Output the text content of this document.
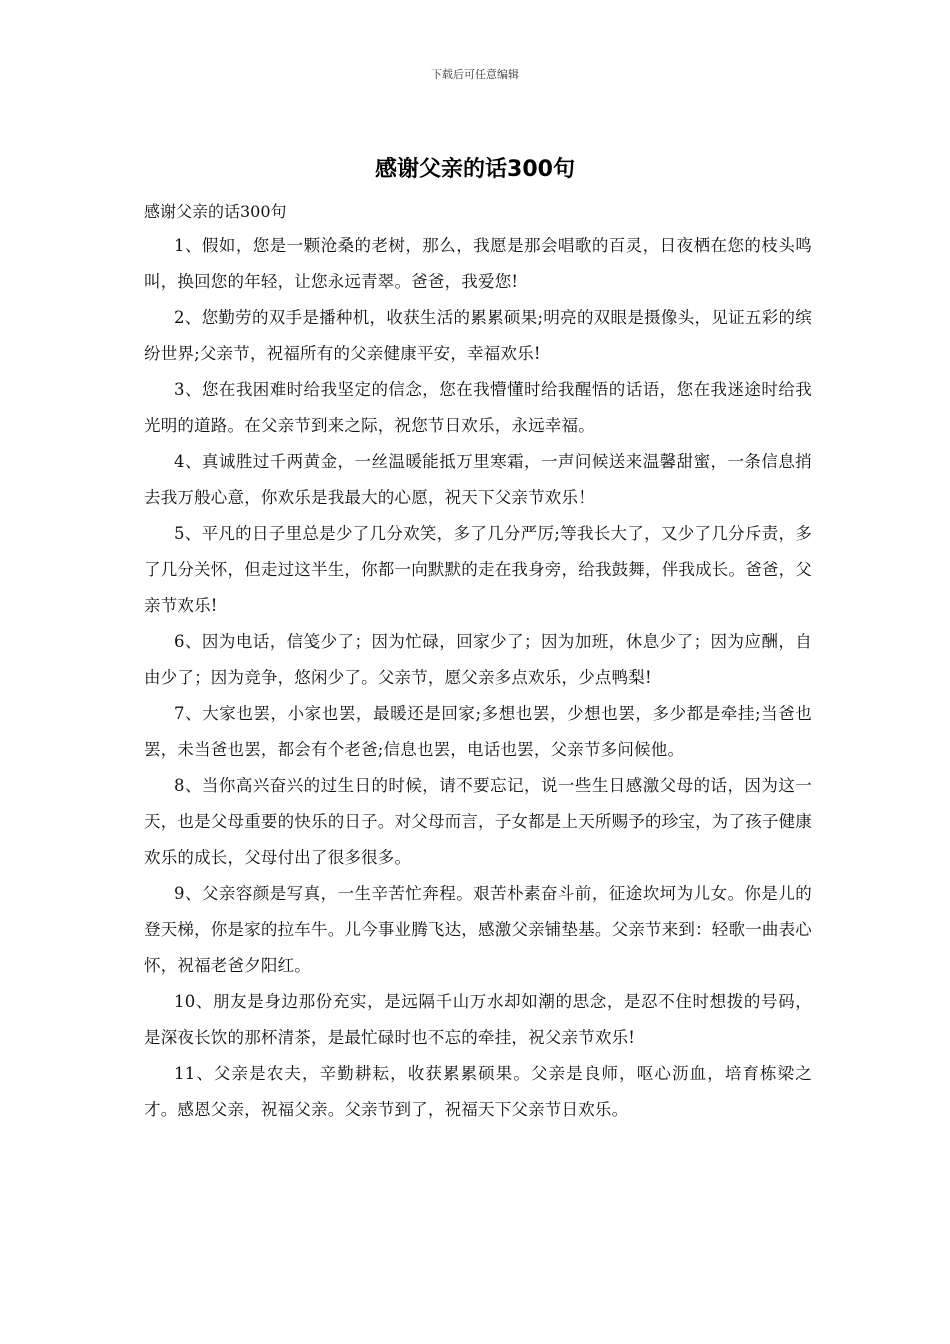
下载后可任意编辑
感谢父亲的话300句

感谢父亲的话300句

1、假如，您是一颗沧桑的老树，那么，我愿是那会唱歌的百灵，日夜栖在您的枝头鸣叫，换回您的年轻，让您永远青翠。爸爸，我爱您!

2、您勤劳的双手是播种机，收获生活的累累硕果;明亮的双眼是摄像头，见证五彩的缤纷世界;父亲节，祝福所有的父亲健康平安，幸福欢乐!

3、您在我困难时给我坚定的信念，您在我懵懂时给我醒悟的话语，您在我迷途时给我光明的道路。在父亲节到来之际，祝您节日欢乐，永远幸福。

4、真诚胜过千两黄金，一丝温暖能抵万里寒霜，一声问候送来温馨甜蜜，一条信息捎去我万般心意，你欢乐是我最大的心愿，祝天下父亲节欢乐！

5、平凡的日子里总是少了几分欢笑，多了几分严厉;等我长大了，又少了几分斥责，多了几分关怀，但走过这半生，你都一向默默的走在我身旁，给我鼓舞，伴我成长。爸爸，父亲节欢乐!

6、因为电话，信笺少了；因为忙碌，回家少了；因为加班，休息少了；因为应酬，自由少了；因为竞争，悠闲少了。父亲节，愿父亲多点欢乐，少点鸭梨!

7、大家也罢，小家也罢，最暖还是回家;多想也罢，少想也罢，多少都是牵挂;当爸也罢，未当爸也罢，都会有个老爸;信息也罢，电话也罢，父亲节多问候他。

8、当你高兴奋兴的过生日的时候，请不要忘记，说一些生日感激父母的话，因为这一天，也是父母重要的快乐的日子。对父母而言，子女都是上天所赐予的珍宝，为了孩子健康欢乐的成长，父母付出了很多很多。

9、父亲容颜是写真，一生辛苦忙奔程。艰苦朴素奋斗前，征途坎坷为儿女。你是儿的登天梯，你是家的拉车牛。儿今事业腾飞达，感激父亲铺垫基。父亲节来到：轻歌一曲表心怀，祝福老爸夕阳红。

10、朋友是身边那份充实，是远隔千山万水却如潮的思念，是忍不住时想拨的号码，是深夜长饮的那杯清茶，是最忙碌时也不忘的牵挂，祝父亲节欢乐!

11、父亲是农夫，辛勤耕耘，收获累累硕果。父亲是良师，呕心沥血，培育栋梁之才。感恩父亲，祝福父亲。父亲节到了，祝福天下父亲节日欢乐。
